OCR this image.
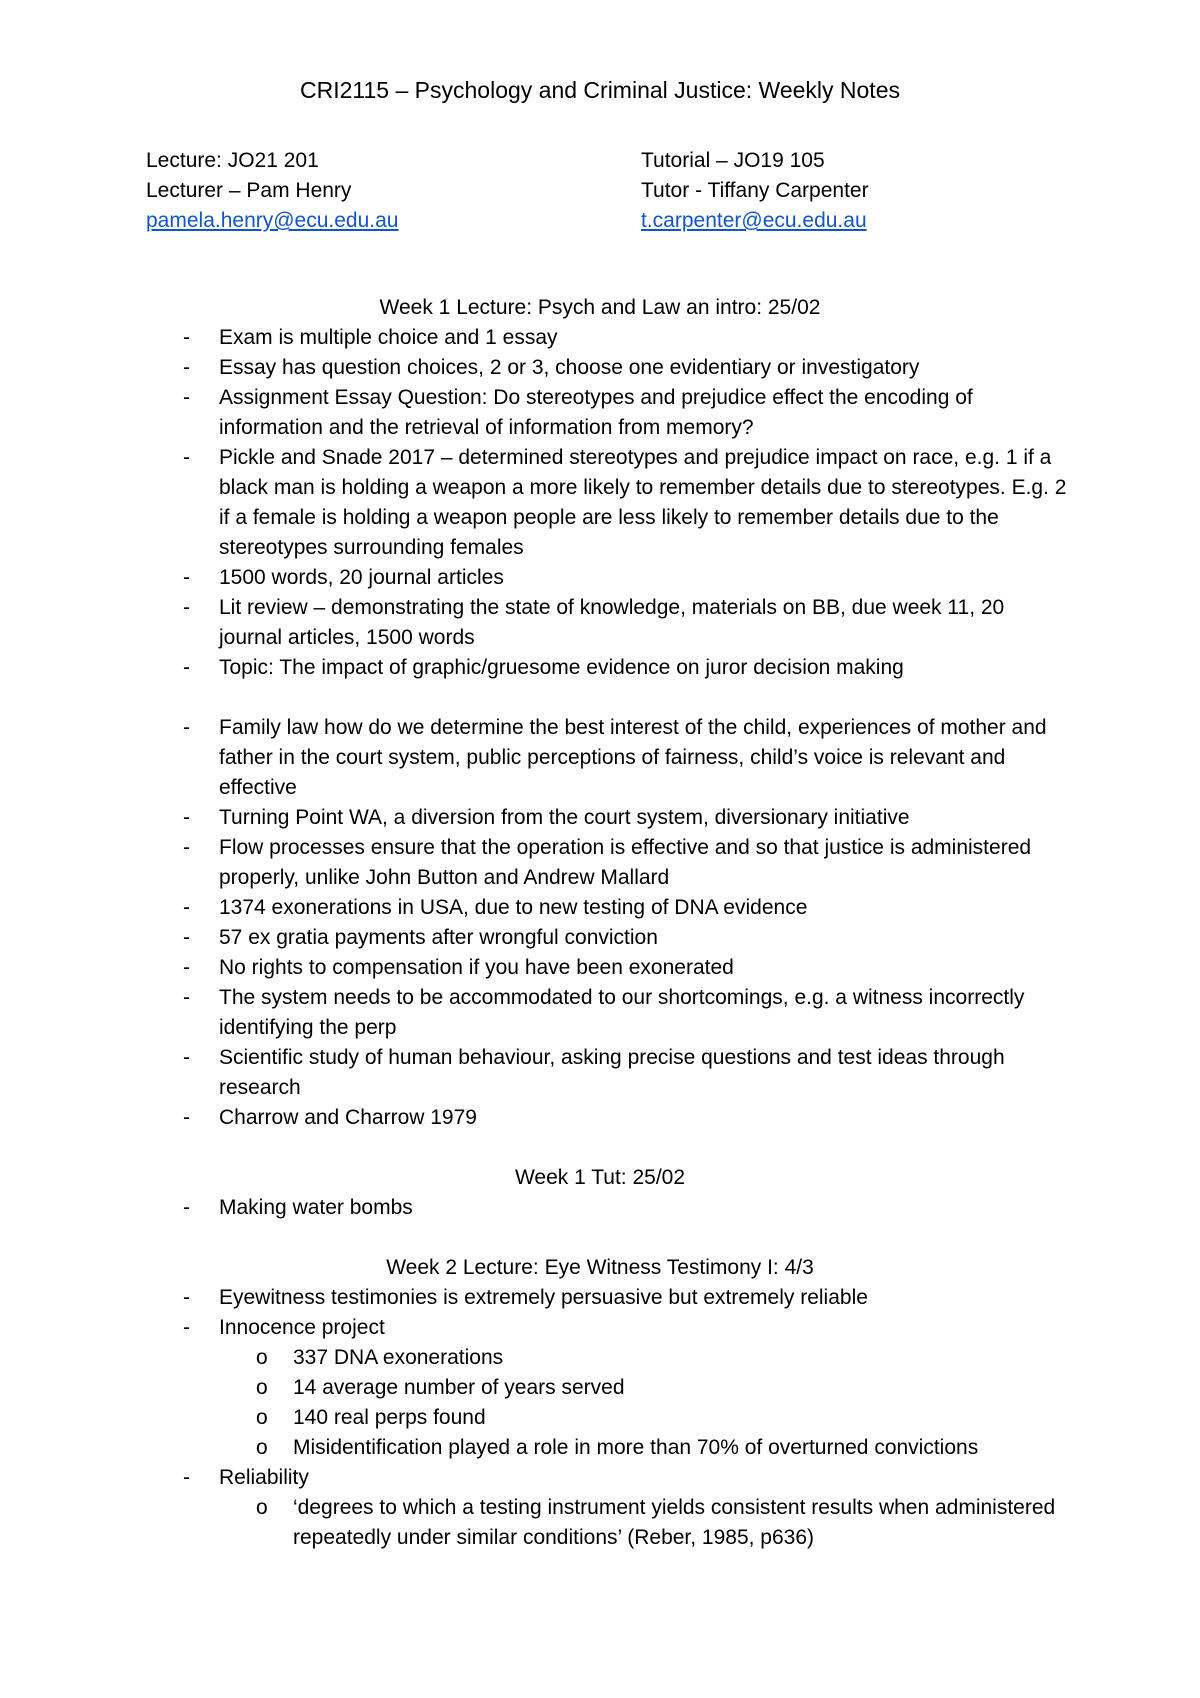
CRI2115 – Psychology and Criminal Justice: Weekly Notes
Lecture: JO21 201
Lecturer – Pam Henry
pamela.henry@ecu.edu.au
Tutorial – JO19 105
Tutor - Tiffany Carpenter
t.carpenter@ecu.edu.au
Week 1 Lecture: Psych and Law an intro: 25/02
-	Exam is multiple choice and 1 essay
-	Essay has question choices, 2 or 3, choose one evidentiary or investigatory
-	Assignment Essay Question: Do stereotypes and prejudice effect the encoding of information and the retrieval of information from memory?
-	Pickle and Snade 2017 – determined stereotypes and prejudice impact on race, e.g. 1 if a black man is holding a weapon a more likely to remember details due to stereotypes. E.g. 2 if a female is holding a weapon people are less likely to remember details due to the stereotypes surrounding females
-	1500 words, 20 journal articles
-	Lit review – demonstrating the state of knowledge, materials on BB, due week 11, 20 journal articles, 1500 words
-	Topic: The impact of graphic/gruesome evidence on juror decision making
-	Family law how do we determine the best interest of the child, experiences of mother and father in the court system, public perceptions of fairness, child’s voice is relevant and effective
-	Turning Point WA, a diversion from the court system, diversionary initiative
-	Flow processes ensure that the operation is effective and so that justice is administered properly, unlike John Button and Andrew Mallard
-	1374 exonerations in USA, due to new testing of DNA evidence
-	57 ex gratia payments after wrongful conviction
-	No rights to compensation if you have been exonerated
-	The system needs to be accommodated to our shortcomings, e.g. a witness incorrectly identifying the perp
-	Scientific study of human behaviour, asking precise questions and test ideas through research
-	Charrow and Charrow 1979
Week 1 Tut: 25/02
-	Making water bombs
Week 2 Lecture: Eye Witness Testimony I: 4/3
-	Eyewitness testimonies is extremely persuasive but extremely reliable
-	Innocence project
o 337 DNA exonerations
o 14 average number of years served
o 140 real perps found
o Misidentification played a role in more than 70% of overturned convictions
-	Reliability
o ‘degrees to which a testing instrument yields consistent results when administered repeatedly under similar conditions’ (Reber, 1985, p636)
